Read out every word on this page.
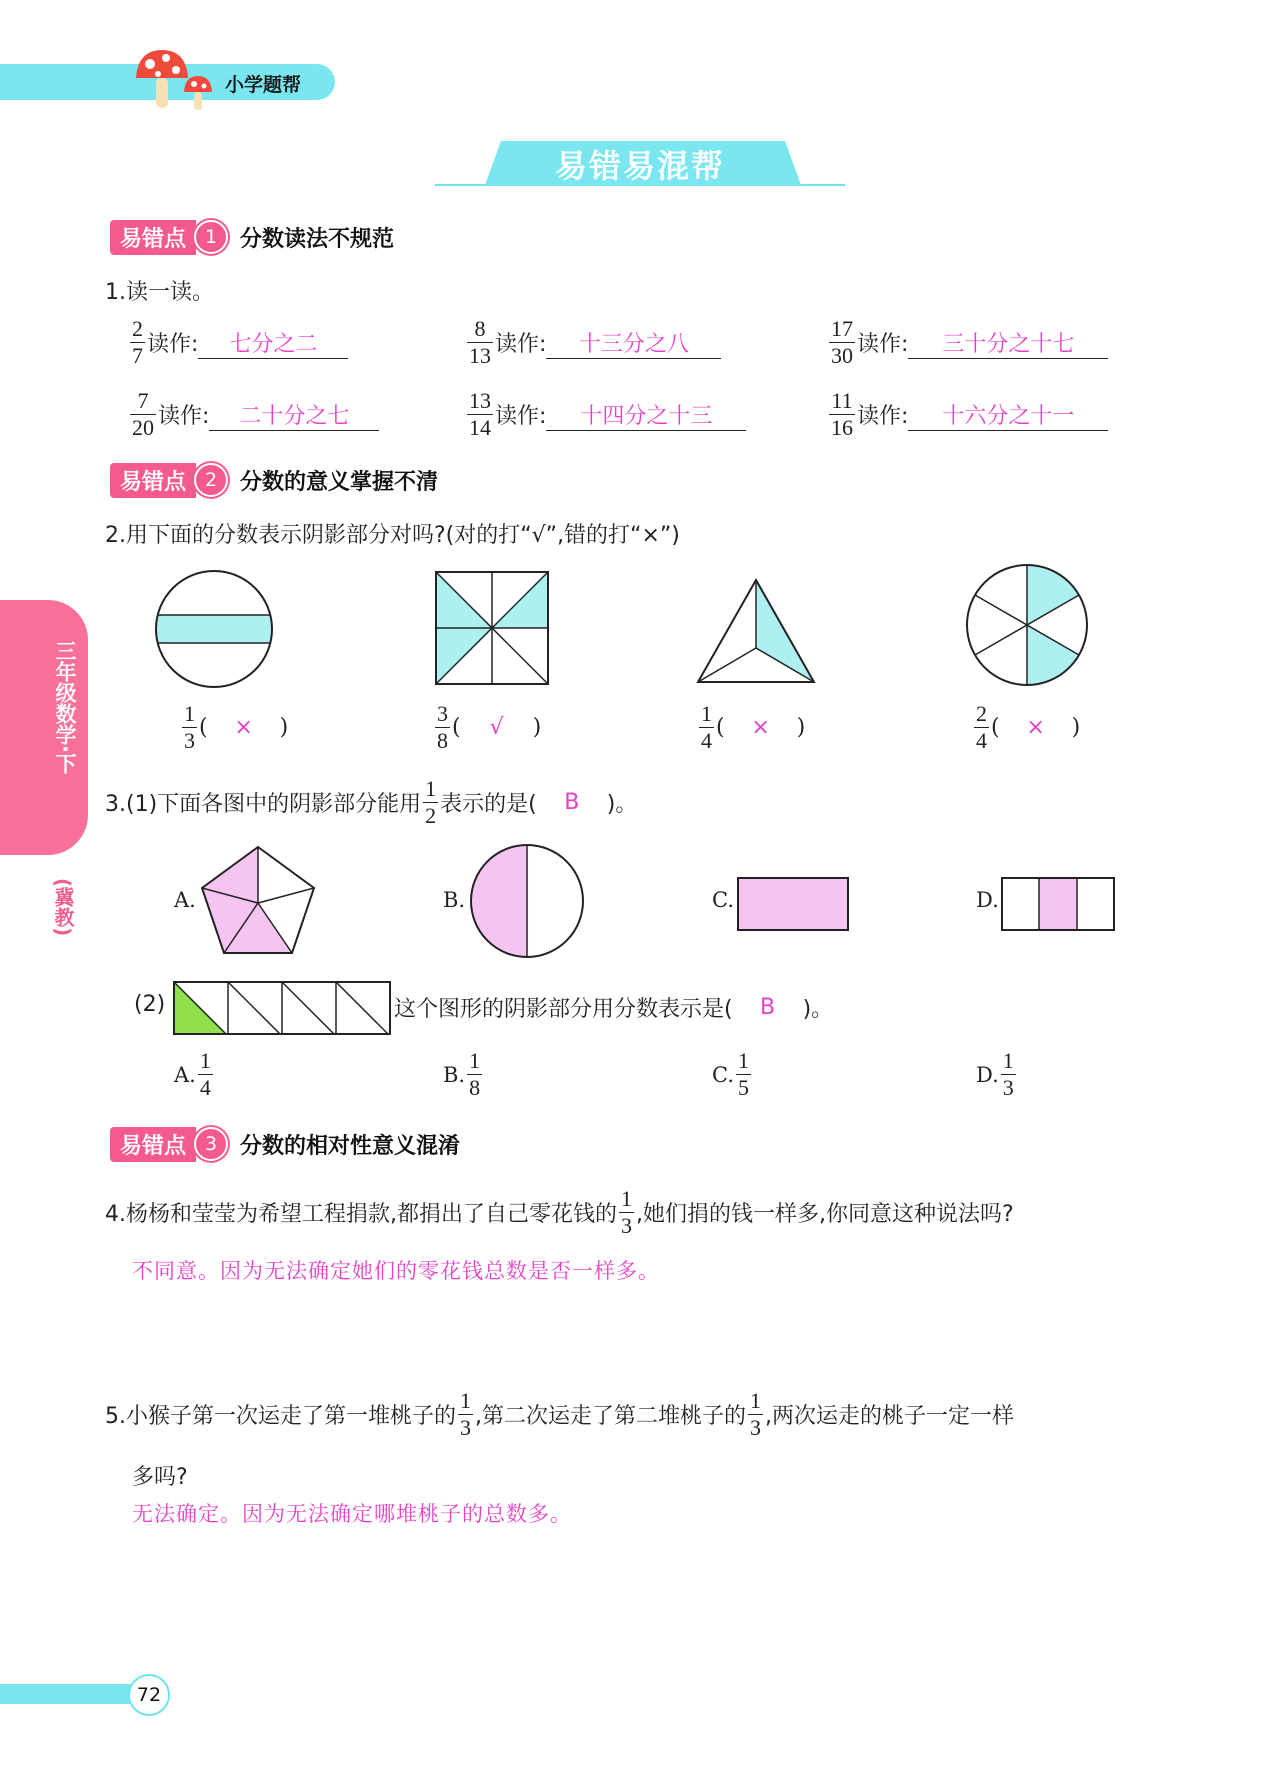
小学题帮
易错易混帮
三年级数学·下
(冀教)
易错点 1	分数读法不规范
1.读一读。
$\frac{2}{7}$ 读作:	七分之二	$\frac{8}{13}$ 读作:	十三分之八	$\frac{17}{30}$ 读作:	三十分之十七
$\frac{7}{20}$ 读作:	二十分之七	$\frac{13}{14}$ 读作:	十四分之十三	$\frac{11}{16}$ 读作:	十六分之十一
易错点 2	分数的意义掌握不清
2.用下面的分数表示阴影部分对吗?(对的打“√”,错的打“×”)
$\frac{1}{3}$ (	×	)	$\frac{3}{8}$ (	√	)	$\frac{1}{4}$ (	×	)	$\frac{2}{4}$ (	×	)
3.(1)下面各图中的阴影部分能用 $\frac{1}{2}$ 表示的是(	B	)。
A.	B.	C.	D.
(2)	这个图形的阴影部分用分数表示是(	B	)。
A. $\frac{1}{4}$	B. $\frac{1}{8}$	C. $\frac{1}{5}$	D. $\frac{1}{3}$
易错点 3	分数的相对性意义混淆
4.杨杨和莹莹为希望工程捐款,都捐出了自己零花钱的 $\frac{1}{3}$ ,她们捐的钱一样多,你同意这种说法吗?
不同意。因为无法确定她们的零花钱总数是否一样多。
5.小猴子第一次运走了第一堆桃子的 $\frac{1}{3}$ ,第二次运走了第二堆桃子的 $\frac{1}{3}$ ,两次运走的桃子一定一样
多吗?
无法确定。因为无法确定哪堆桃子的总数多。
72
